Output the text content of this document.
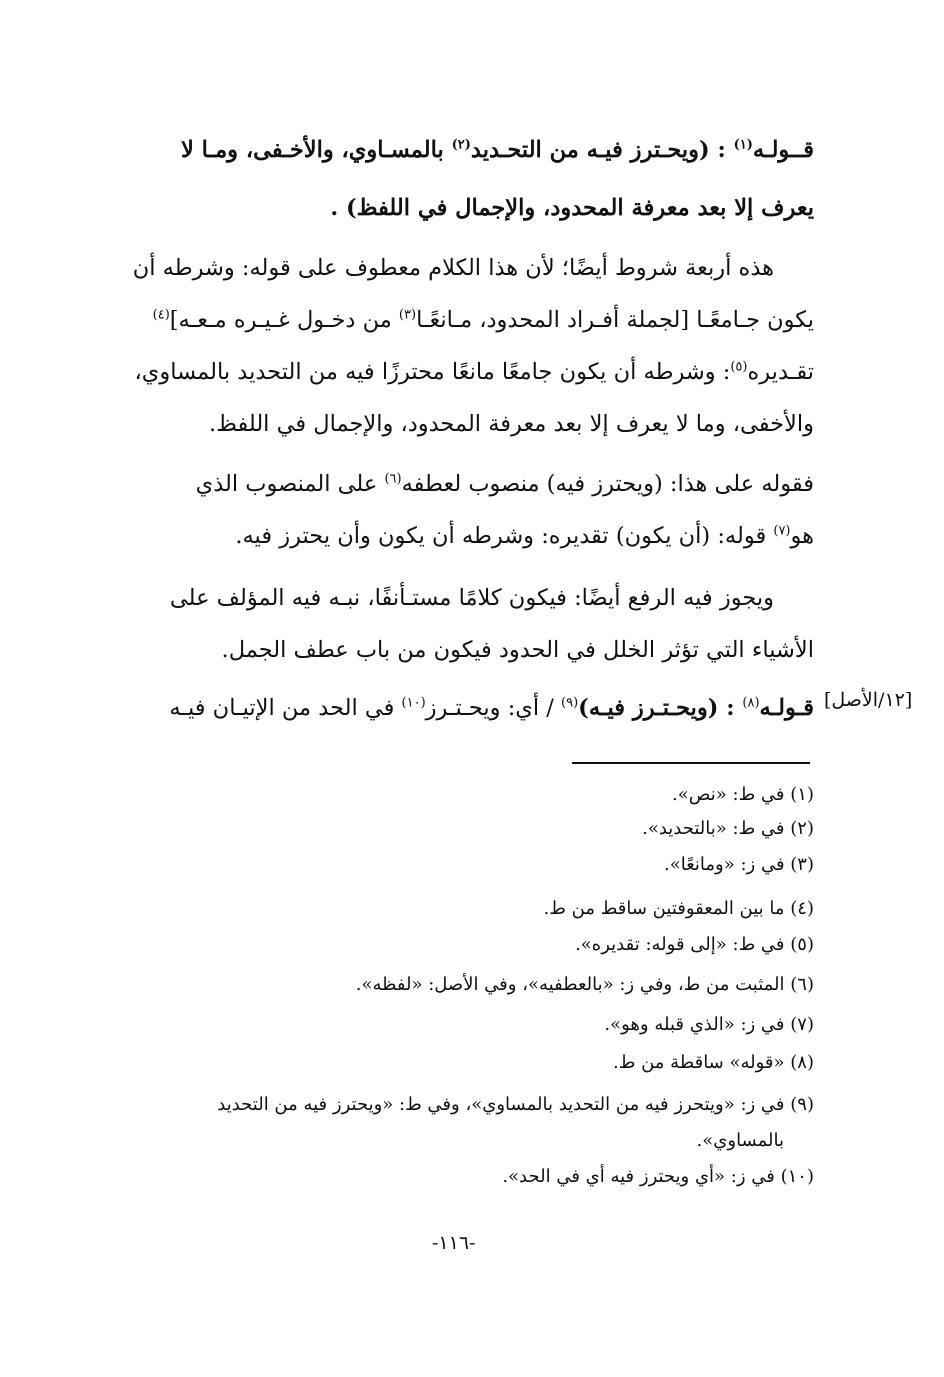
قــولـه$^{(١)}$ : (ويحـترز فيـه من التحـديد$^{(٢)}$ بالمسـاوي، والأخـفى، ومـا لا
يعرف إلا بعد معرفة المحدود، والإجمال في اللفظ) .
هذه أربعة شروط أيضًا؛ لأن هذا الكلام معطوف على قوله: وشرطه أن
يكون جـامعًـا [لجملة أفـراد المحدود، مـانعًـا$^{(٣)}$ من دخـول غـيـره مـعـه]$^{(٤)}$
تقـديره$^{(٥)}$: وشرطه أن يكون جامعًا مانعًا محترزًا فيه من التحديد بالمساوي،
والأخفى، وما لا يعرف إلا بعد معرفة المحدود، والإجمال في اللفظ.
فقوله على هذا: (ويحترز فيه) منصوب لعطفه$^{(٦)}$ على المنصوب الذي
هو$^{(٧)}$ قوله: (أن يكون) تقديره: وشرطه أن يكون وأن يحترز فيه.
ويجوز فيه الرفع أيضًا: فيكون كلامًا مستـأنفًا، نبـه فيه المؤلف على
الأشياء التي تؤثر الخلل في الحدود فيكون من باب عطف الجمل.
قـولـه$^{(٨)}$ : (ويحـتـرز فيـه)$^{(٩)}$ / أي: ويحـتـرز$^{(١٠)}$ في الحد من الإتيـان فيـه	[١٢/الأصل]
(١) في ط: «نص».
(٢) في ط: «بالتحديد».
(٣) في ز: «ومانعًا».
(٤) ما بين المعقوفتين ساقط من ط.
(٥) في ط: «إلى قوله: تقديره».
(٦) المثبت من ط، وفي ز: «بالعطفيه»، وفي الأصل: «لفظه».
(٧) في ز: «الذي قبله وهو».
(٨) «قوله» ساقطة من ط.
(٩) في ز: «ويتحرز فيه من التحديد بالمساوي»، وفي ط: «ويحترز فيه من التحديد
بالمساوي».
(١٠) في ز: «أي ويحترز فيه أي في الحد».
-١١٦-
